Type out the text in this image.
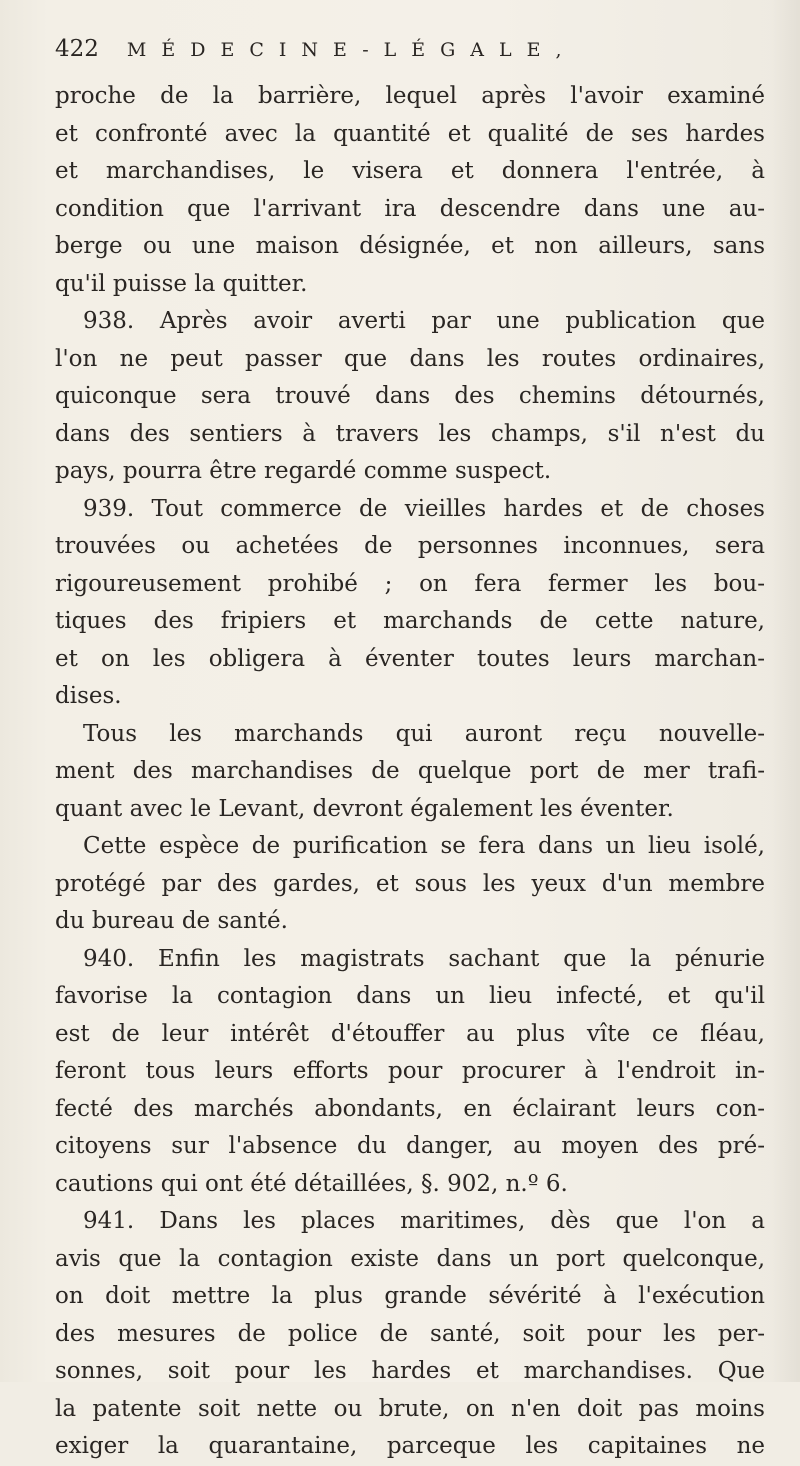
422 MÉDECINE-LÉGALE,
proche de la barrière, lequel après l'avoir examiné
et confronté avec la quantité et qualité de ses hardes
et marchandises, le visera et donnera l'entrée, à
condition que l'arrivant ira descendre dans une au-
berge ou une maison désignée, et non ailleurs, sans
qu'il puisse la quitter.
938. Après avoir averti par une publication que
l'on ne peut passer que dans les routes ordinaires,
quiconque sera trouvé dans des chemins détournés,
dans des sentiers à travers les champs, s'il n'est du
pays, pourra être regardé comme suspect.
939. Tout commerce de vieilles hardes et de choses
trouvées ou achetées de personnes inconnues, sera
rigoureusement prohibé ; on fera fermer les bou-
tiques des fripiers et marchands de cette nature,
et on les obligera à éventer toutes leurs marchan-
dises.
Tous les marchands qui auront reçu nouvelle-
ment des marchandises de quelque port de mer trafi-
quant avec le Levant, devront également les éventer.
Cette espèce de purification se fera dans un lieu isolé,
protégé par des gardes, et sous les yeux d'un membre
du bureau de santé.
940. Enfin les magistrats sachant que la pénurie
favorise la contagion dans un lieu infecté, et qu'il
est de leur intérêt d'étouffer au plus vîte ce fléau,
feront tous leurs efforts pour procurer à l'endroit in-
fecté des marchés abondants, en éclairant leurs con-
citoyens sur l'absence du danger, au moyen des pré-
cautions qui ont été détaillées, §. 902, n.º 6.
941. Dans les places maritimes, dès que l'on a
avis que la contagion existe dans un port quelconque,
on doit mettre la plus grande sévérité à l'exécution
des mesures de police de santé, soit pour les per-
sonnes, soit pour les hardes et marchandises. Que
la patente soit nette ou brute, on n'en doit pas moins
exiger la quarantaine, parceque les capitaines ne
